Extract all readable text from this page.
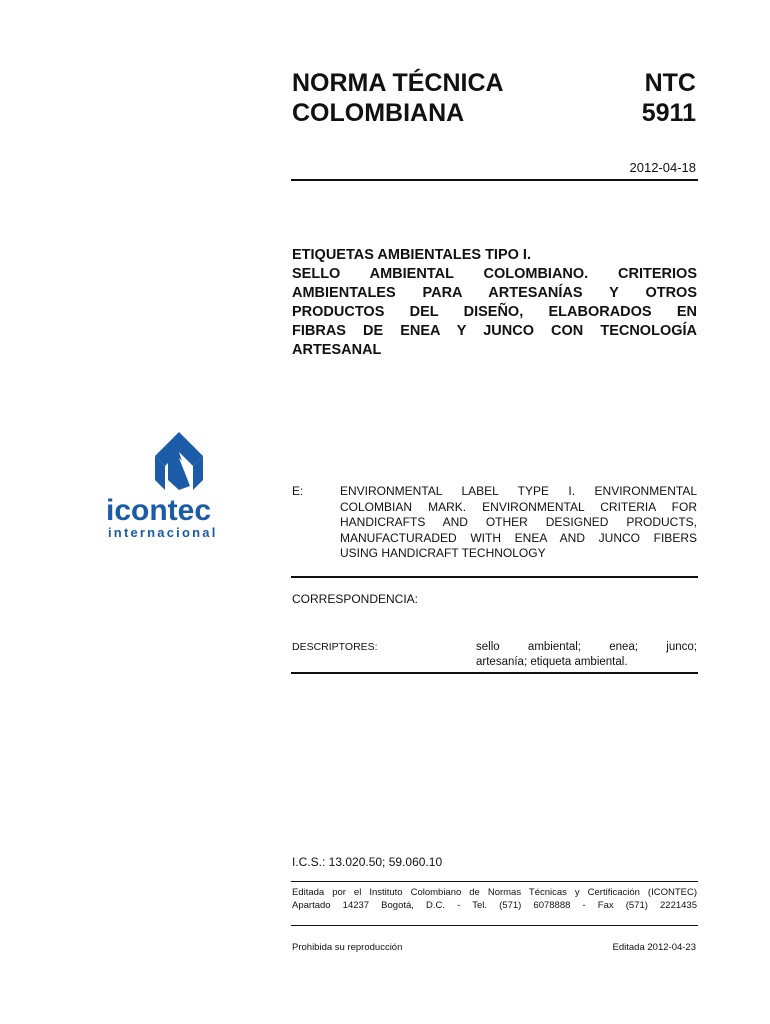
NORMA TÉCNICA
COLOMBIANA
NTC
5911
2012-04-18
ETIQUETAS AMBIENTALES TIPO I.
SELLO AMBIENTAL COLOMBIANO. CRITERIOS
AMBIENTALES PARA ARTESANÍAS Y OTROS
PRODUCTOS DEL DISEÑO, ELABORADOS EN
FIBRAS DE ENEA Y JUNCO CON TECNOLOGÍA
ARTESANAL
icontec
internacional
E:	ENVIRONMENTAL LABEL TYPE I. ENVIRONMENTAL
COLOMBIAN MARK. ENVIRONMENTAL CRITERIA FOR
HANDICRAFTS AND OTHER DESIGNED PRODUCTS,
MANUFACTURADED WITH ENEA AND JUNCO FIBERS
USING HANDICRAFT TECHNOLOGY
CORRESPONDENCIA:
DESCRIPTORES:	sello ambiental; enea; junco;
artesanía; etiqueta ambiental.
I.C.S.: 13.020.50; 59.060.10
Editada por el Instituto Colombiano de Normas Técnicas y Certificación (ICONTEC)
Apartado 14237 Bogotá, D.C. - Tel. (571) 6078888 - Fax (571) 2221435
Prohibida su reproducción	Editada 2012-04-23
